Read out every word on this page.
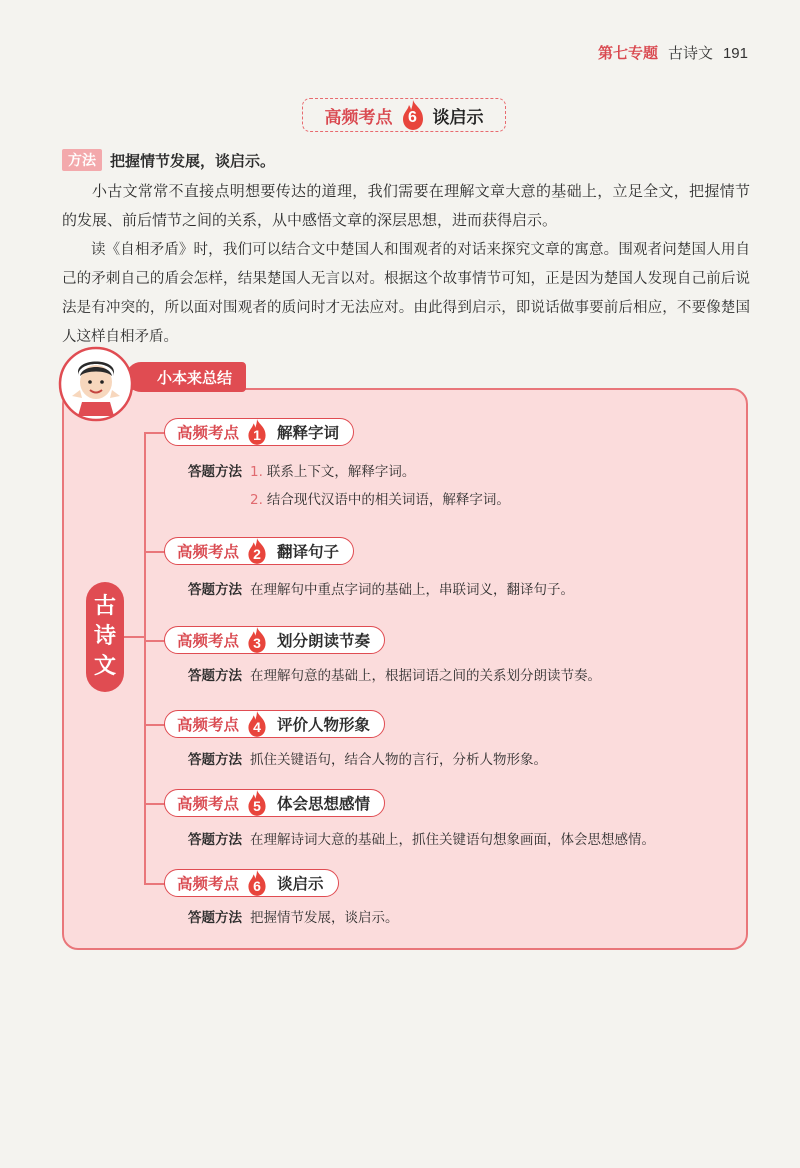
第七专题 古诗文 191
高频考点 6 谈启示
方法 把握情节发展，谈启示。

小古文常常不直接点明想要传达的道理，我们需要在理解文章大意的基础上，立足全文，把握情节的发展、前后情节之间的关系，从中感悟文章的深层思想，进而获得启示。

读《自相矛盾》时，我们可以结合文中楚国人和围观者的对话来探究文章的寓意。围观者问楚国人用自己的矛刺自己的盾会怎样，结果楚国人无言以对。根据这个故事情节可知，正是因为楚国人发现自己前后说法是有冲突的，所以面对围观者的质问时才无法应对。由此得到启示，即说话做事要前后相应，不要像楚国人这样自相矛盾。

小本来总结
古
诗
文
高频考点 1 解释字词
答题方法 1. 联系上下文，解释字词。
2. 结合现代汉语中的相关词语，解释字词。
高频考点 2 翻译句子
答题方法 在理解句中重点字词的基础上，串联词义，翻译句子。
高频考点 3 划分朗读节奏
答题方法 在理解句意的基础上，根据词语之间的关系划分朗读节奏。
高频考点 4 评价人物形象
答题方法 抓住关键语句，结合人物的言行，分析人物形象。
高频考点 5 体会思想感情
答题方法 在理解诗词大意的基础上，抓住关键语句想象画面，体会思想感情。
高频考点 6 谈启示
答题方法 把握情节发展，谈启示。
